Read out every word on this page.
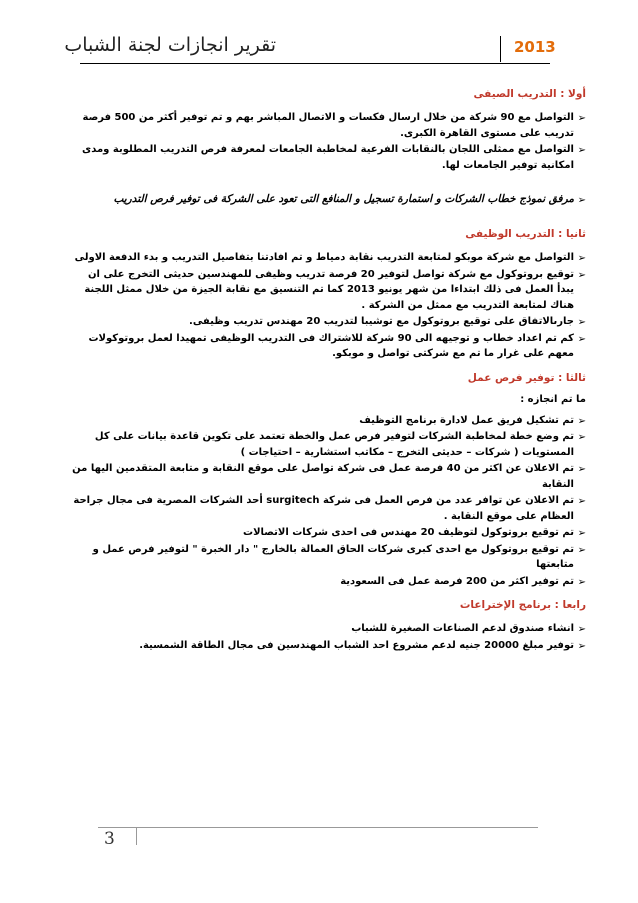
تقرير انجازات لجنة الشباب	2013
أولا : التدريب الصيفى
➢
التواصل مع 90 شركة من خلال ارسال فكسات و الاتصال المباشر بهم و تم توفير أكثر من 500 فرصة تدريب على مستوى القاهرة الكبرى.
➢
التواصل مع ممثلى اللجان بالنقابات الفرعية لمخاطبة الجامعات لمعرفة فرص التدريب المطلوبة ومدى امكانية توفير الجامعات لها.
➢
مرفق نموذج خطاب الشركات و استمارة تسجيل و المنافع التى تعود على الشركة فى توفير فرص التدريب
ثانيا : التدريب الوظيفى
➢
التواصل مع شركة موبكو لمتابعة التدريب نقابة دمياط و تم افادتنا بتفاصيل التدريب و بدء الدفعة الاولى
➢
توقيع بروتوكول مع شركة تواصل لتوفير 20 فرصة تدريب وظيفى للمهندسين حديثى التخرج على ان يبدأ العمل فى ذلك ابتداءا من شهر يونيو 2013 كما تم التنسيق مع نقابة الجيزة من خلال ممثل اللجنة هناك لمتابعة التدريب مع ممثل من الشركة .
➢
جارىالاتفاق على توقيع بروتوكول مع توشيبا لتدريب 20 مهندس تدريب وظيفى.
➢
كم تم اعداد خطاب و توجيهه الى 90 شركة للاشتراك فى التدريب الوظيفى تمهيدا لعمل بروتوكولات معهم على غرار ما تم مع شركتى تواصل و موبكو.
ثالثا : توفير فرص عمل
ما تم انجازه :
➢
تم تشكيل فريق عمل لادارة برنامج التوظيف
➢
تم وضع خطة لمخاطبة الشركات لتوفير فرص عمل والخطة تعتمد على تكوين قاعدة بيانات على كل المستويات ( شركات – حديثى التخرج – مكاتب استشارية – احتياجات )
➢
تم الاعلان عن اكثر من 40 فرصة عمل فى شركة تواصل على موقع النقابة و متابعة المتقدمين اليها من النقابة
➢
تم الاعلان عن توافر عدد من فرص العمل فى شركة surgitech أحد الشركات المصرية فى مجال جراحة العظام على موقع النقابة .
➢
تم توقيع بروتوكول لتوظيف 20 مهندس فى احدى شركات الاتصالات
➢
تم توقيع بروتوكول مع احدى كبرى شركات الحاق العمالة بالخارج " دار الخبرة " لتوفير فرص عمل و متابعتها
➢
تم توفير اكثر من 200 فرصة عمل فى السعودية
رابعا : برنامج الإختراعات
➢
انشاء صندوق لدعم الصناعات الصغيرة للشباب
➢
توفير مبلغ 20000 جنيه لدعم مشروع احد الشباب المهندسين فى مجال الطاقة الشمسية.
3
